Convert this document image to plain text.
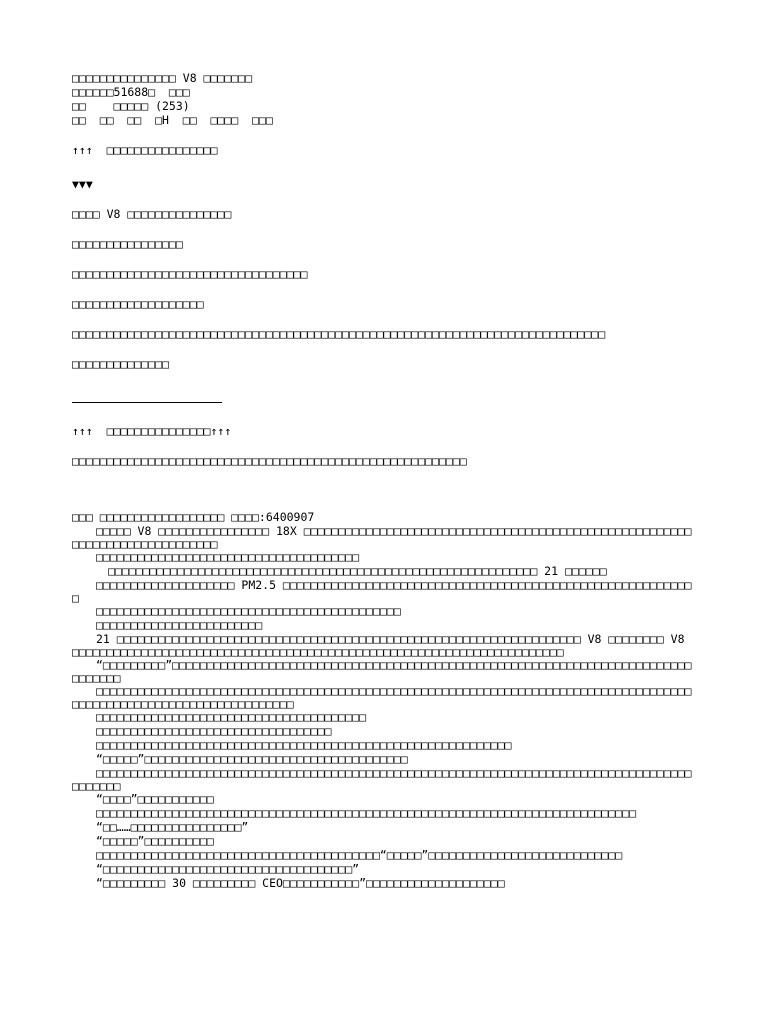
□□□□□□□□□□□□□□□ V8 □□□□□□□
□□□□□□51688□  □□□
□□    □□□□□ (253)
□□  □□  □□  □H  □□  □□□□  □□□
↑↑↑  □□□□□□□□□□□□□□□□
▼▼▼
□□□□ V8 □□□□□□□□□□□□□□□
□□□□□□□□□□□□□□□□
□□□□□□□□□□□□□□□□□□□□□□□□□□□□□□□□□□
□□□□□□□□□□□□□□□□□□□
□□□□□□□□□□□□□□□□□□□□□□□□□□□□□□□□□□□□□□□□□□□□□□□□□□□□□□□□□□□□□□□□□□□□□□□□□□□□□
□□□□□□□□□□□□□□
↑↑↑  □□□□□□□□□□□□□□□↑↑↑
□□□□□□□□□□□□□□□□□□□□□□□□□□□□□□□□□□□□□□□□□□□□□□□□□□□□□□□□□
□□□ □□□□□□□□□□□□□□□□□□ □□□□:6400907
□□□□□ V8 □□□□□□□□□□□□□□□□ 18X □□□□□□□□□□□□□□□□□□□□□□□□□□□□□□□□□□□□□□□□□□□□□□□□□□□□□□□□□□□□□□□□□□□□□□□□□□□□□
□□□□□□□□□□□□□□□□□□□□□□□□□□□□□□□□□□□□□□
□□□□□□□□□□□□□□□□□□□□□□□□□□□□□□□□□□□□□□□□□□□□□□□□□□□□□□□□□□□□□□ 21 □□□□□□
□□□□□□□□□□□□□□□□□□□□ PM2.5 □□□□□□□□□□□□□□□□□□□□□□□□□□□□□□□□□□□□□□□□□□□□□□□□□□□□□□□□□□□□
□□□□□□□□□□□□□□□□□□□□□□□□□□□□□□□□□□□□□□□□□□□□
□□□□□□□□□□□□□□□□□□□□□□□□
21 □□□□□□□□□□□□□□□□□□□□□□□□□□□□□□□□□□□□□□□□□□□□□□□□□□□□□□□□□□□□□□□□□□□ V8 □□□□□□□□ V8 □□□□□□□□□□□□□□□□□□□□□□□□□□□□□□□□□□□□□□□□□□□□□□□□□□□□□□□□□□□□□□□□□□□□□□□
“□□□□□□□□□”□□□□□□□□□□□□□□□□□□□□□□□□□□□□□□□□□□□□□□□□□□□□□□□□□□□□□□□□□□□□□□□□□□□□□□□□□□□□□□□□□□
□□□□□□□□□□□□□□□□□□□□□□□□□□□□□□□□□□□□□□□□□□□□□□□□□□□□□□□□□□□□□□□□□□□□□□□□□□□□□□□□□□□□□□□□□□□□□□□□□□□□□□□□□□□□□□□□□□□□□□
□□□□□□□□□□□□□□□□□□□□□□□□□□□□□□□□□□□□□□□
□□□□□□□□□□□□□□□□□□□□□□□□□□□□□□□□□□
□□□□□□□□□□□□□□□□□□□□□□□□□□□□□□□□□□□□□□□□□□□□□□□□□□□□□□□□□□□□
“□□□□□”□□□□□□□□□□□□□□□□□□□□□□□□□□□□□□□□□□□□□□
□□□□□□□□□□□□□□□□□□□□□□□□□□□□□□□□□□□□□□□□□□□□□□□□□□□□□□□□□□□□□□□□□□□□□□□□□□□□□□□□□□□□□□□□□□□□□
“□□□□”□□□□□□□□□□□
□□□□□□□□□□□□□□□□□□□□□□□□□□□□□□□□□□□□□□□□□□□□□□□□□□□□□□□□□□□□□□□□□□□□□□□□□□□□□□
“□□……□□□□□□□□□□□□□□□□”
“□□□□□”□□□□□□□□□□
□□□□□□□□□□□□□□□□□□□□□□□□□□□□□□□□□□□□□□□□□“□□□□□”□□□□□□□□□□□□□□□□□□□□□□□□□□□□
“□□□□□□□□□□□□□□□□□□□□□□□□□□□□□□□□□□□□”
“□□□□□□□□□ 30 □□□□□□□□□ CEO□□□□□□□□□□□”□□□□□□□□□□□□□□□□□□□□
